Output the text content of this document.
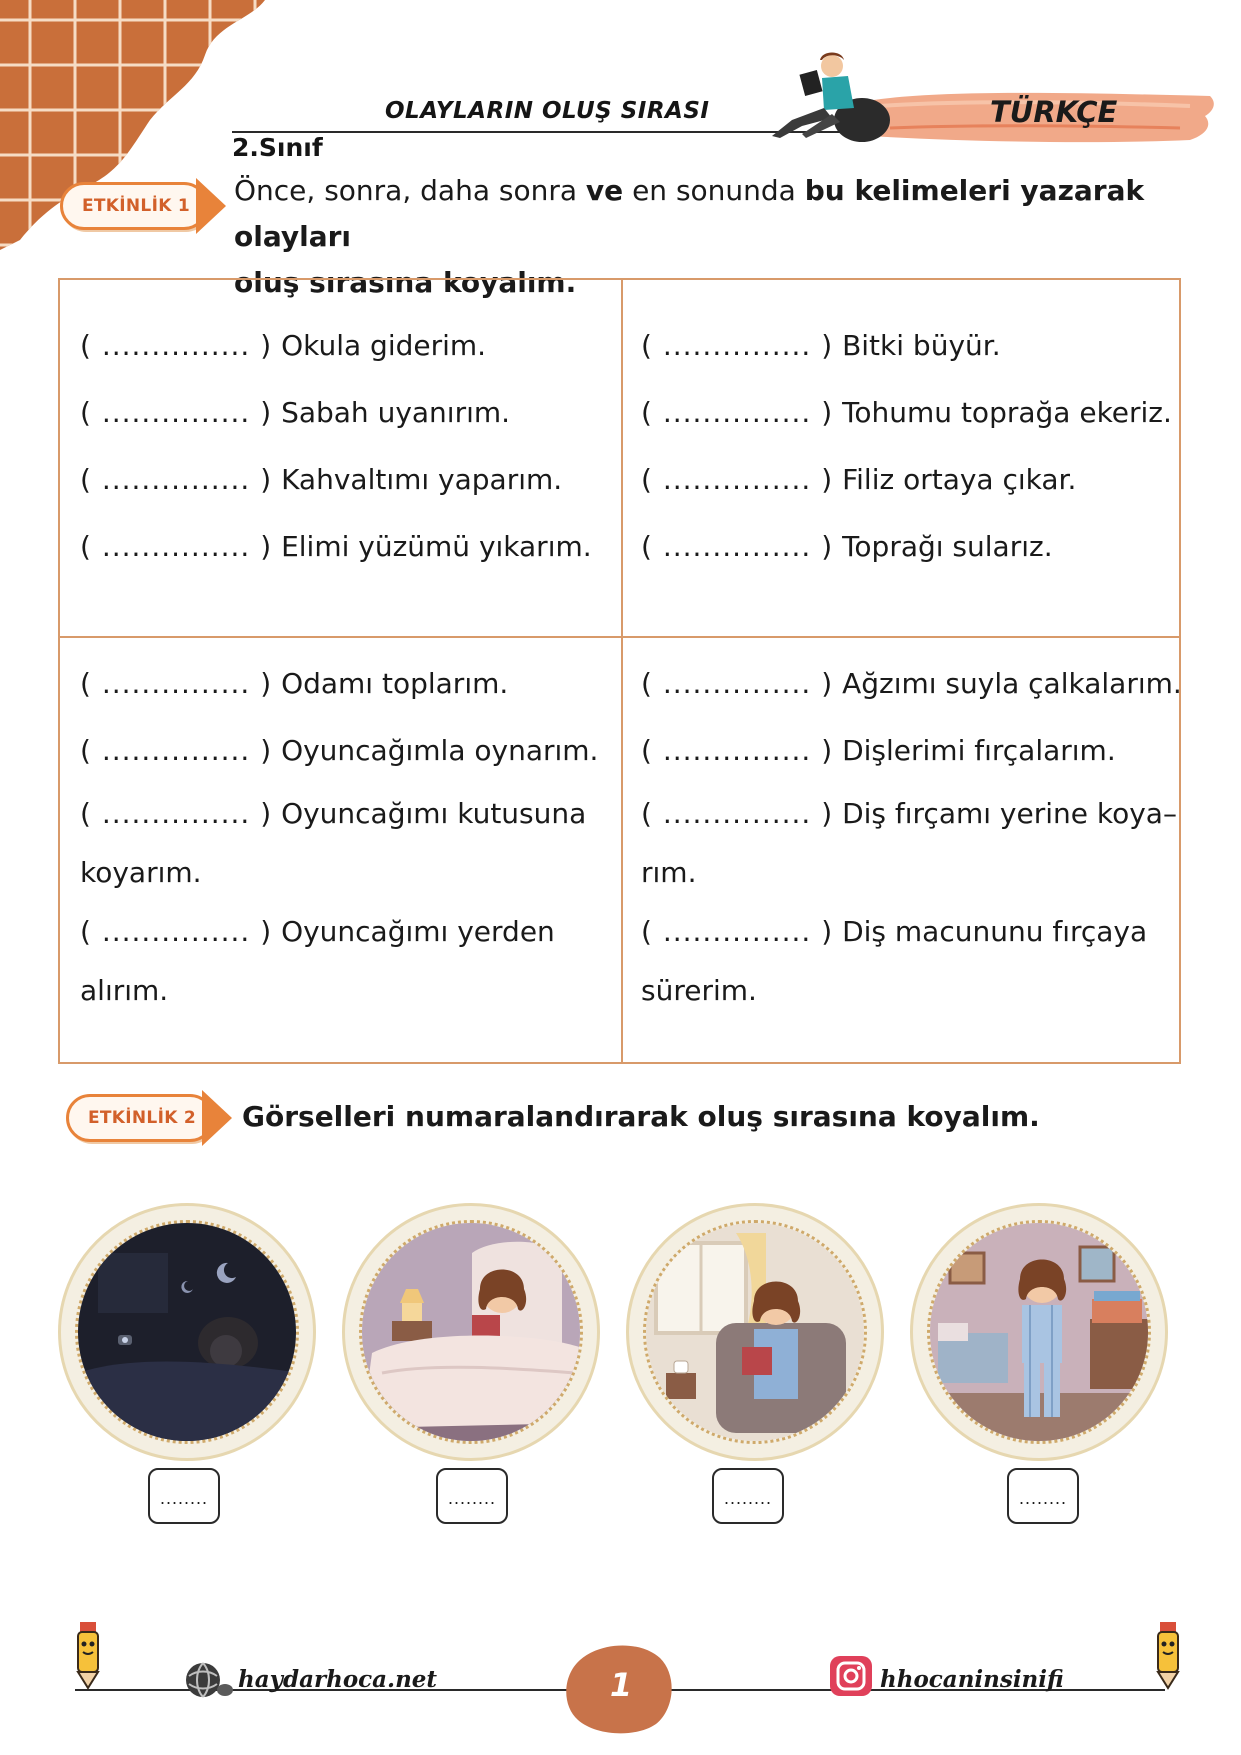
OLAYLARIN OLUŞ SIRASI
2.Sınıf
TÜRKÇE
ETKİNLİK 1 Önce, sonra, daha sonra ve en sonunda bu kelimeleri yazarak olayları
oluş sırasına koyalım.
( ............... ) Okula giderim.
( ............... ) Sabah uyanırım.
( ............... ) Kahvaltımı yaparım.
( ............... ) Elimi yüzümü yıkarım.
( ............... ) Bitki büyür.
( ............... ) Tohumu toprağa ekeriz.
( ............... ) Filiz ortaya çıkar.
( ............... ) Toprağı sularız.
( ............... ) Odamı toplarım.
( ............... ) Oyuncağımla oynarım.
( ............... ) Oyuncağımı kutusuna
koyarım.
( ............... ) Oyuncağımı yerden
alırım.
( ............... ) Ağzımı suyla çalkalarım.
( ............... ) Dişlerimi fırçalarım.
( ............... ) Diş fırçamı yerine koya–
rım.
( ............... ) Diş macununu fırçaya
sürerim.
ETKİNLİK 2 Görselleri numaralandırarak oluş sırasına koyalım.
........	........	........	........
haydarhoca.net	1	hhocaninsinifi
